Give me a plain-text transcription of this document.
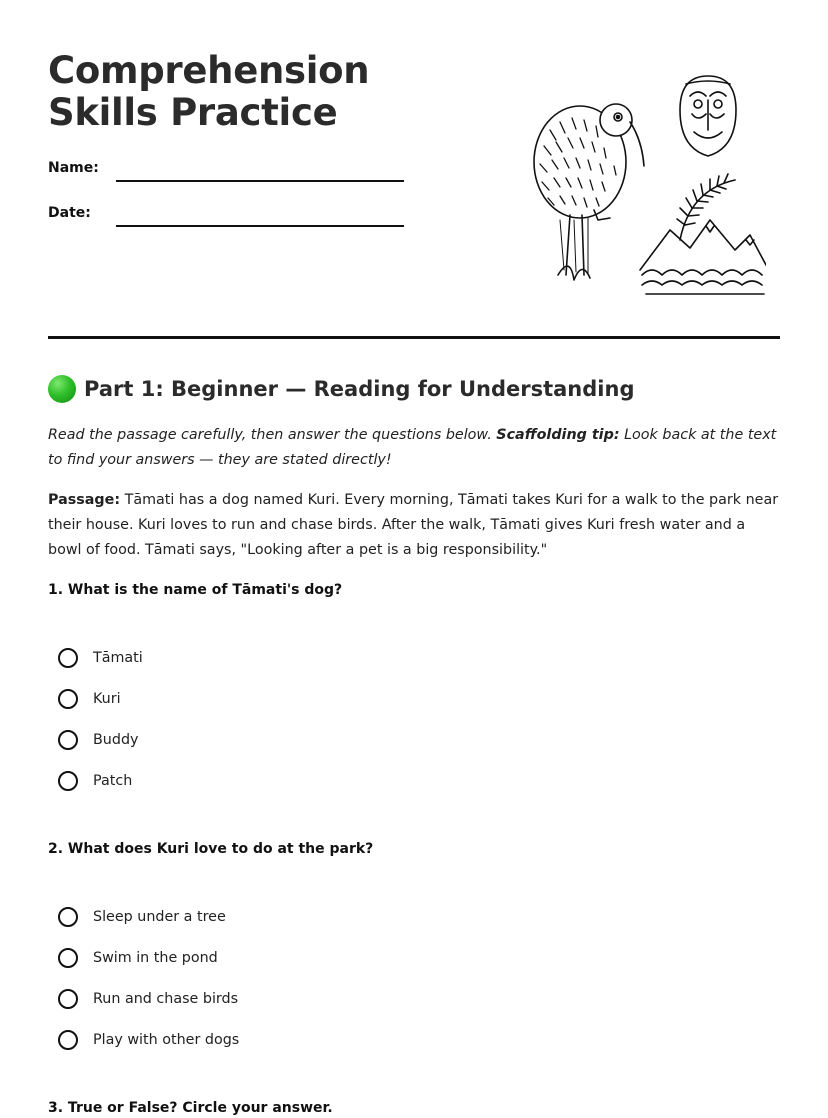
Comprehension Skills Practice
Name:
Date:
Part 1: Beginner — Reading for Understanding
Read the passage carefully, then answer the questions below. Scaffolding tip: Look back at the text to find your answers — they are stated directly!
Passage: Tāmati has a dog named Kuri. Every morning, Tāmati takes Kuri for a walk to the park near their house. Kuri loves to run and chase birds. After the walk, Tāmati gives Kuri fresh water and a bowl of food. Tāmati says, "Looking after a pet is a big responsibility."
1. What is the name of Tāmati's dog?
Tāmati
Kuri
Buddy
Patch
2. What does Kuri love to do at the park?
Sleep under a tree
Swim in the pond
Run and chase birds
Play with other dogs
3. True or False? Circle your answer.
